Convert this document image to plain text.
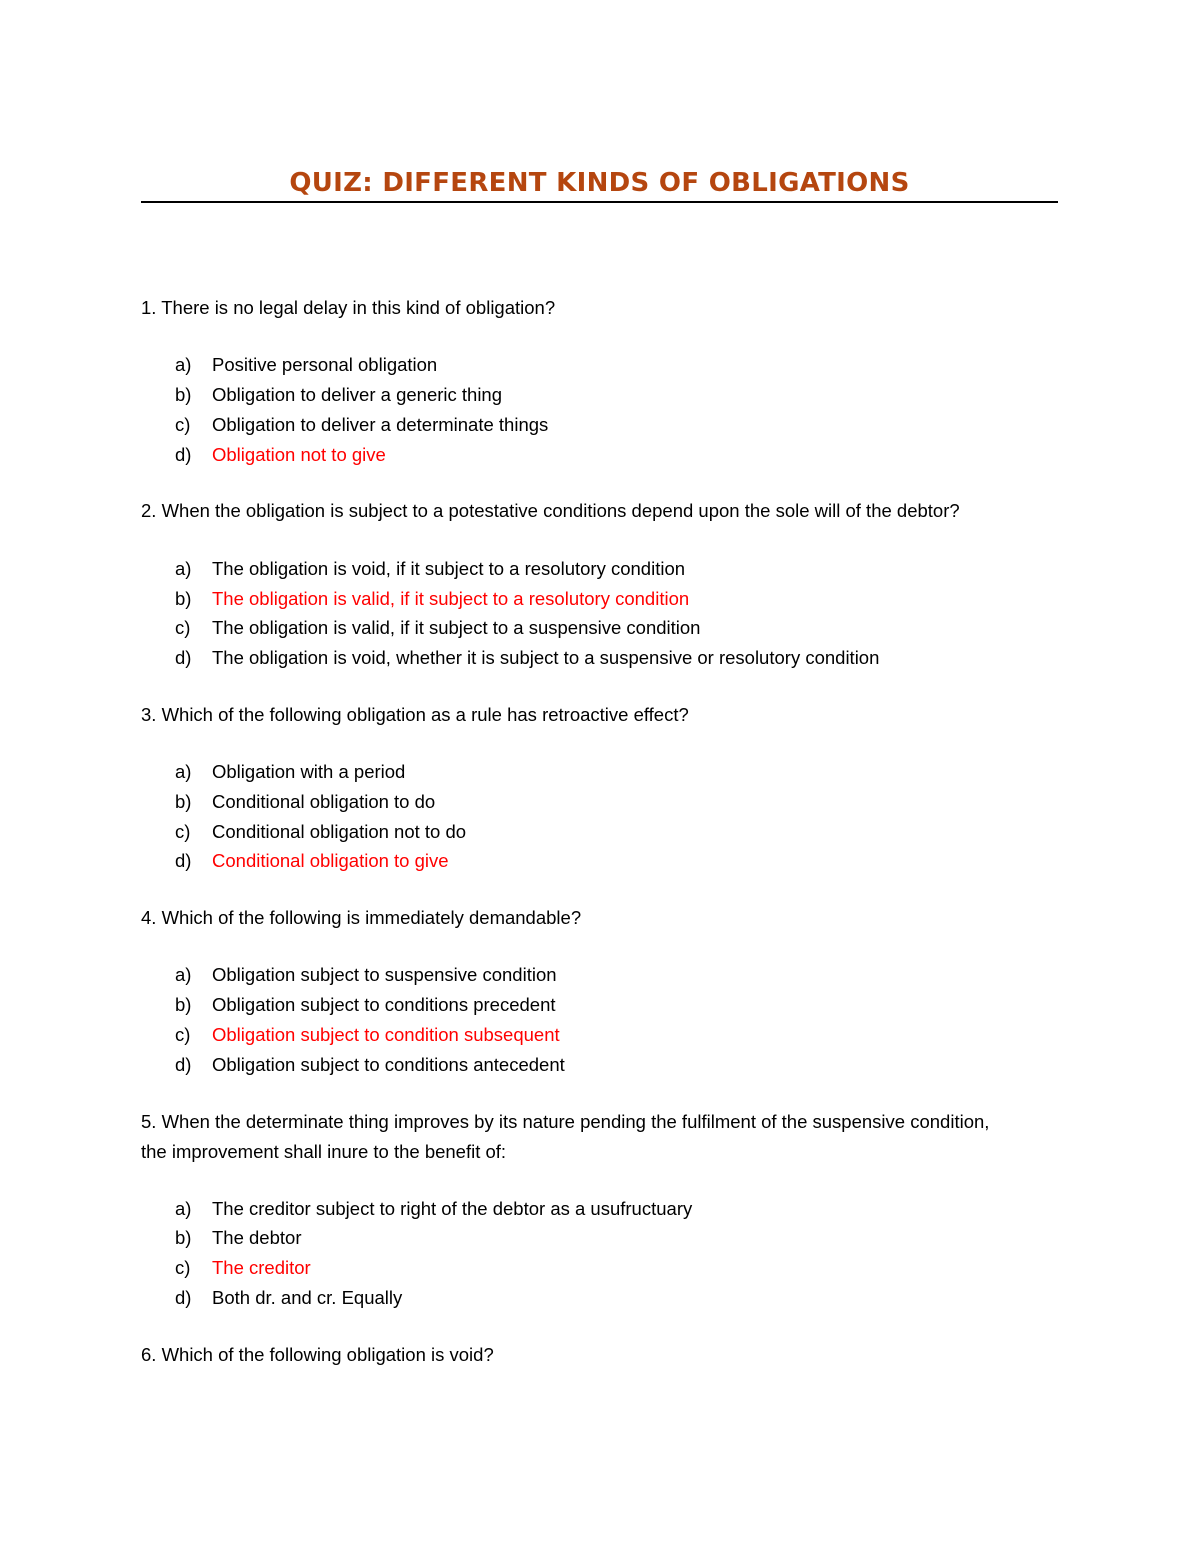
QUIZ: DIFFERENT KINDS OF OBLIGATIONS
1. There is no legal delay in this kind of obligation?
a) Positive personal obligation
b) Obligation to deliver a generic thing
c) Obligation to deliver a determinate things
d) Obligation not to give
2. When the obligation is subject to a potestative conditions depend upon the sole will of the debtor?
a) The obligation is void, if it subject to a resolutory condition
b) The obligation is valid, if it subject to a resolutory condition
c) The obligation is valid, if it subject to a suspensive condition
d) The obligation is void, whether it is subject to a suspensive or resolutory condition
3. Which of the following obligation as a rule has retroactive effect?
a) Obligation with a period
b) Conditional obligation to do
c) Conditional obligation not to do
d) Conditional obligation to give
4. Which of the following is immediately demandable?
a) Obligation subject to suspensive condition
b) Obligation subject to conditions precedent
c) Obligation subject to condition subsequent
d) Obligation subject to conditions antecedent
5. When the determinate thing improves by its nature pending the fulfilment of the suspensive condition, the improvement shall inure to the benefit of:
a) The creditor subject to right of the debtor as a usufructuary
b) The debtor
c) The creditor
d) Both dr. and cr. Equally
6. Which of the following obligation is void?
